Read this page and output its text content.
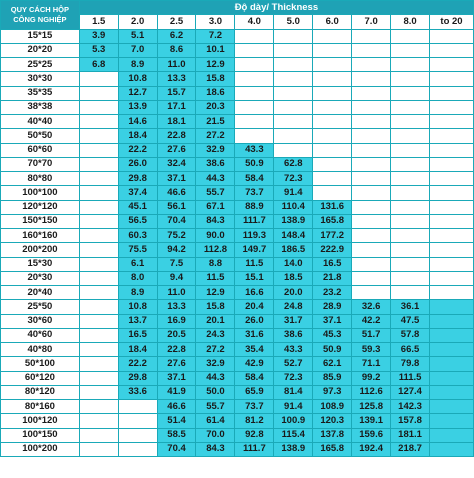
QUY CÁCH HỘP
CÔNG NGHIỆP	Độ dày/ Thickness									
	1.5	2.0	2.5	3.0	4.0	5.0	6.0	7.0	8.0	to 20
15*15	3.9	5.1	6.2	7.2						
20*20	5.3	7.0	8.6	10.1						
25*25	6.8	8.9	11.0	12.9						
30*30		10.8	13.3	15.8						
35*35		12.7	15.7	18.6						
38*38		13.9	17.1	20.3						
40*40		14.6	18.1	21.5						
50*50		18.4	22.8	27.2						
60*60		22.2	27.6	32.9	43.3					
70*70		26.0	32.4	38.6	50.9	62.8				
80*80		29.8	37.1	44.3	58.4	72.3				
100*100		37.4	46.6	55.7	73.7	91.4				
120*120		45.1	56.1	67.1	88.9	110.4	131.6			
150*150		56.5	70.4	84.3	111.7	138.9	165.8			
160*160		60.3	75.2	90.0	119.3	148.4	177.2			
200*200		75.5	94.2	112.8	149.7	186.5	222.9			
15*30		6.1	7.5	8.8	11.5	14.0	16.5			
20*30		8.0	9.4	11.5	15.1	18.5	21.8			
20*40		8.9	11.0	12.9	16.6	20.0	23.2			
25*50		10.8	13.3	15.8	20.4	24.8	28.9	32.6	36.1	
30*60		13.7	16.9	20.1	26.0	31.7	37.1	42.2	47.5	
40*60		16.5	20.5	24.3	31.6	38.6	45.3	51.7	57.8	
40*80		18.4	22.8	27.2	35.4	43.3	50.9	59.3	66.5	
50*100		22.2	27.6	32.9	42.9	52.7	62.1	71.1	79.8	
60*120		29.8	37.1	44.3	58.4	72.3	85.9	99.2	111.5	
80*120		33.6	41.9	50.0	65.9	81.4	97.3	112.6	127.4	
80*160			46.6	55.7	73.7	91.4	108.9	125.8	142.3	
100*120			51.4	61.4	81.2	100.9	120.3	139.1	157.8	
100*150			58.5	70.0	92.8	115.4	137.8	159.6	181.1	
100*200			70.4	84.3	111.7	138.9	165.8	192.4	218.7	
